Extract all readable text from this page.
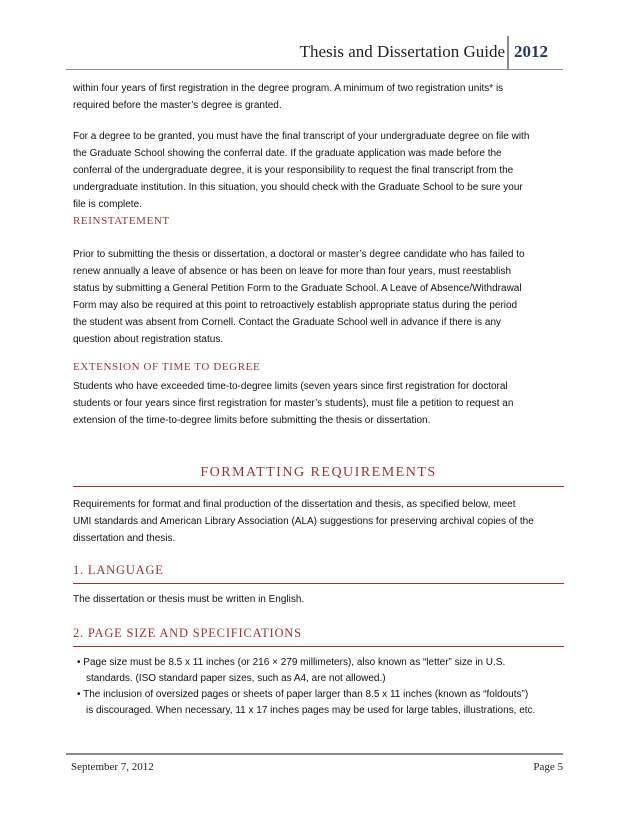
Thesis and Dissertation Guide 2012
within four years of first registration in the degree program. A minimum of two registration units* is
required before the master’s degree is granted.
For a degree to be granted, you must have the final transcript of your undergraduate degree on file with
the Graduate School showing the conferral date. If the graduate application was made before the
conferral of the undergraduate degree, it is your responsibility to request the final transcript from the
undergraduate institution. In this situation, you should check with the Graduate School to be sure your
file is complete.
REINSTATEMENT
Prior to submitting the thesis or dissertation, a doctoral or master’s degree candidate who has failed to
renew annually a leave of absence or has been on leave for more than four years, must reestablish
status by submitting a General Petition Form to the Graduate School. A Leave of Absence/Withdrawal
Form may also be required at this point to retroactively establish appropriate status during the period
the student was absent from Cornell. Contact the Graduate School well in advance if there is any
question about registration status.
EXTENSION OF TIME TO DEGREE
Students who have exceeded time-to-degree limits (seven years since first registration for doctoral
students or four years since first registration for master’s students), must file a petition to request an
extension of the time-to-degree limits before submitting the thesis or dissertation.
FORMATTING REQUIREMENTS
Requirements for format and final production of the dissertation and thesis, as specified below, meet
UMI standards and American Library Association (ALA) suggestions for preserving archival copies of the
dissertation and thesis.
1. LANGUAGE
The dissertation or thesis must be written in English.
2. PAGE SIZE AND SPECIFICATIONS
• Page size must be 8.5 x 11 inches (or 216 × 279 millimeters), also known as “letter” size in U.S.
standards. (ISO standard paper sizes, such as A4, are not allowed.)
• The inclusion of oversized pages or sheets of paper larger than 8.5 x 11 inches (known as “foldouts”)
is discouraged. When necessary, 11 x 17 inches pages may be used for large tables, illustrations, etc.
September 7, 2012	Page 5
